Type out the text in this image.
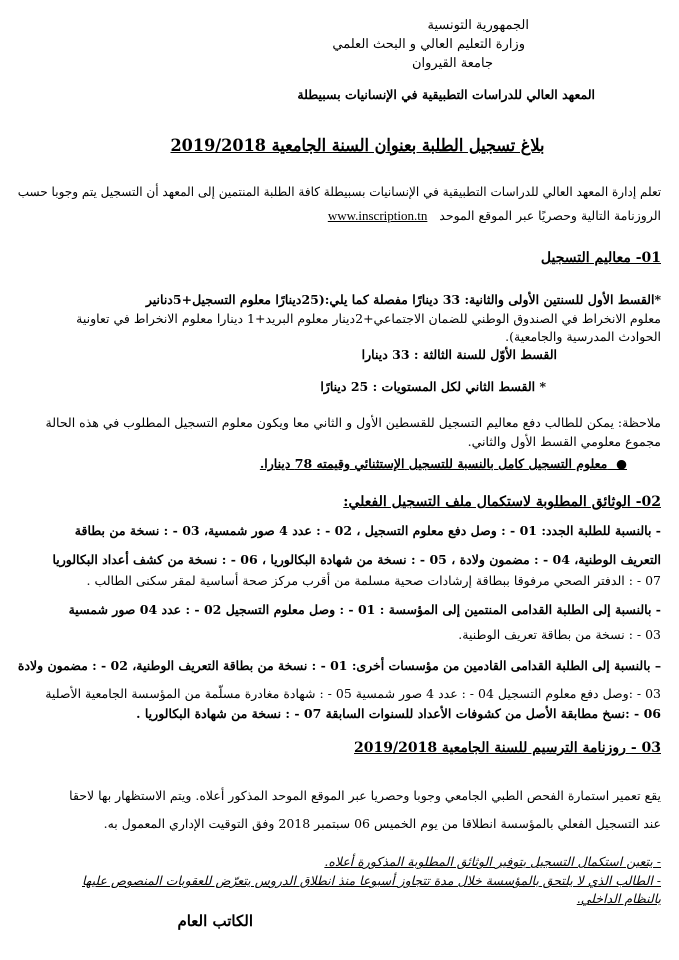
الجمهورية التونسية
وزارة التعليم العالي و البحث العلمي
جامعة القيروان
المعهد العالي للدراسات التطبيقية في الإنسانيات بسبيطلة
بلاغ تسجيل الطلبة بعنوان السنة الجامعية 2019/2018
تعلم إدارة المعهد العالي للدراسات التطبيقية في الإنسانيات بسبيطلة كافة الطلبة المنتمين إلى المعهد أن التسجيل يتم وجوبا حسب
الروزنامة التالية وحصريًا عبر الموقع الموحد   www.inscription.tn
01- معاليم التسجيل
*القسط الأول للسنتين الأولى والثانية: 33 دينارًا مفصلة كما يلي:(25دينارًا معلوم التسجيل+5دنانير
معلوم الانخراط في الصندوق الوطني للضمان الاجتماعي+2دينار معلوم البريد+1 دينارا معلوم الانخراط في تعاونية
الحوادث المدرسية والجامعية).
القسط الأوّل للسنة الثالثة : 33 دينارا
* القسط الثاني لكل المستويات : 25 دينارًا
ملاحظة: يمكن للطالب دفع معاليم التسجيل للقسطين الأول و الثاني معا ويكون معلوم التسجيل المطلوب في هذه الحالة
مجموع معلومي القسط الأول والثاني.
●  معلوم التسجيل كامل بالنسبة للتسجيل الإستثنائي وقيمته 78 دينارا.
02- الوثائق المطلوبة لاستكمال ملف التسجيل الفعلي:
- بالنسبة للطلبة الجدد: 01 - : وصل دفع معلوم التسجيل ، 02 - : عدد 4 صور شمسية، 03 - : نسخة من بطاقة
التعريف الوطنية، 04 - : مضمون ولادة ، 05 - : نسخة من شهادة البكالوريا ، 06 - : نسخة من كشف أعداد البكالوريا
07 - : الدفتر الصحي مرفوقا ببطاقة إرشادات صحية مسلمة من أقرب مركز صحة أساسية لمقر سكنى الطالب .
- بالنسبة إلى الطلبة القدامى المنتمين إلى المؤسسة : 01 - : وصل معلوم التسجيل 02 - : عدد 04 صور شمسية
03 - : نسخة من بطاقة تعريف الوطنية.
– بالنسبة إلى الطلبة القدامى القادمين من مؤسسات أخرى: 01 - : نسخة من بطاقة التعريف الوطنية، 02 - : مضمون ولادة
03 - :وصل دفع معلوم التسجيل 04 - : عدد 4 صور شمسية 05 - : شهادة مغادرة مسلّمة من المؤسسة الجامعية الأصلية
06 - :نسخ مطابقة الأصل من كشوفات الأعداد للسنوات السابقة 07 - : نسخة من شهادة البكالوريا .
03 - روزنامة الترسيم للسنة الجامعية 2019/2018
يقع تعمير استمارة الفحص الطبي الجامعي وجوبا وحصريا عبر الموقع الموحد المذكور أعلاه. ويتم الاستظهار بها لاحقا
عند التسجيل الفعلي بالمؤسسة انطلاقا من يوم الخميس 06 سبتمبر 2018 وفق التوقيت الإداري المعمول به.
- يتعين استكمال التسجيل بتوفير الوثائق المطلوبة المذكورة أعلاه.
- الطالب الذي لا يلتحق بالمؤسسة خلال مدة تتجاوز أسبوعا منذ انطلاق الدروس يتعرّض للعقوبات المنصوص عليها
بالنظام الداخلي.
الكاتب العام
